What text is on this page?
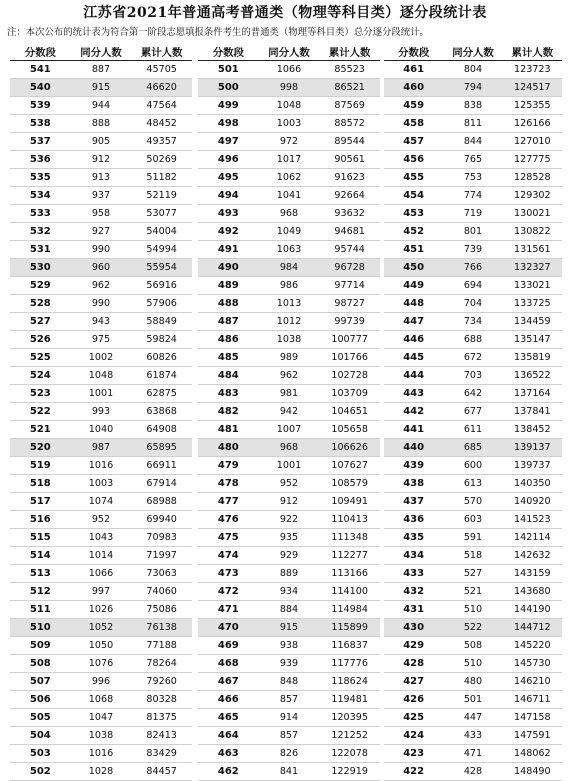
江苏省2021年普通高考普通类（物理等科目类）逐分段统计表
注：本次公布的统计表为符合第一阶段志愿填报条件考生的普通类（物理等科目类）总分逐分段统计。
分数段	同分人数	累计人数
541	887	45705
540	915	46620
539	944	47564
538	888	48452
537	905	49357
536	912	50269
535	913	51182
534	937	52119
533	958	53077
532	927	54004
531	990	54994
530	960	55954
529	962	56916
528	990	57906
527	943	58849
526	975	59824
525	1002	60826
524	1048	61874
523	1001	62875
522	993	63868
521	1040	64908
520	987	65895
519	1016	66911
518	1003	67914
517	1074	68988
516	952	69940
515	1043	70983
514	1014	71997
513	1066	73063
512	997	74060
511	1026	75086
510	1052	76138
509	1050	77188
508	1076	78264
507	996	79260
506	1068	80328
505	1047	81375
504	1038	82413
503	1016	83429
502	1028	84457
分数段	同分人数	累计人数
501	1066	85523
500	998	86521
499	1048	87569
498	1003	88572
497	972	89544
496	1017	90561
495	1062	91623
494	1041	92664
493	968	93632
492	1049	94681
491	1063	95744
490	984	96728
489	986	97714
488	1013	98727
487	1012	99739
486	1038	100777
485	989	101766
484	962	102728
483	981	103709
482	942	104651
481	1007	105658
480	968	106626
479	1001	107627
478	952	108579
477	912	109491
476	922	110413
475	935	111348
474	929	112277
473	889	113166
472	934	114100
471	884	114984
470	915	115899
469	938	116837
468	939	117776
467	848	118624
466	857	119481
465	914	120395
464	857	121252
463	826	122078
462	841	122919
分数段	同分人数	累计人数
461	804	123723
460	794	124517
459	838	125355
458	811	126166
457	844	127010
456	765	127775
455	753	128528
454	774	129302
453	719	130021
452	801	130822
451	739	131561
450	766	132327
449	694	133021
448	704	133725
447	734	134459
446	688	135147
445	672	135819
444	703	136522
443	642	137164
442	677	137841
441	611	138452
440	685	139137
439	600	139737
438	613	140350
437	570	140920
436	603	141523
435	591	142114
434	518	142632
433	527	143159
432	521	143680
431	510	144190
430	522	144712
429	508	145220
428	510	145730
427	480	146210
426	501	146711
425	447	147158
424	433	147591
423	471	148062
422	428	148490
